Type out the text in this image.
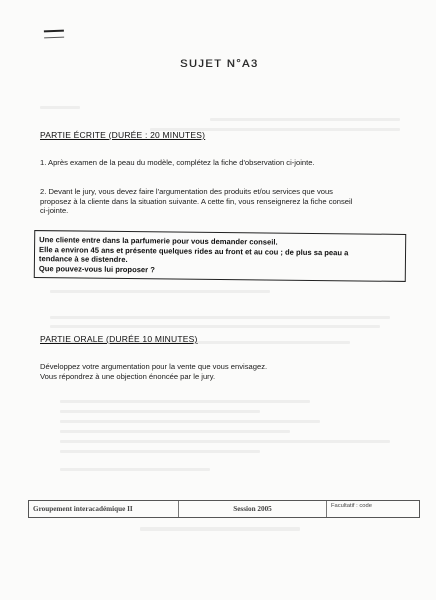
SUJET N°A3
PARTIE ÉCRITE (DURÉE : 20 MINUTES)
1. Après examen de la peau du modèle, complétez la fiche d'observation ci-jointe.
2. Devant le jury, vous devez faire l'argumentation des produits et/ou services que vous
proposez à la cliente dans la situation suivante. A cette fin, vous renseignerez la fiche conseil
ci-jointe.
Une cliente entre dans la parfumerie pour vous demander conseil.
Elle a environ 45 ans et présente quelques rides au front et au cou ; de plus sa peau a
tendance à se distendre.
Que pouvez-vous lui proposer ?
PARTIE ORALE (DURÉE 10 MINUTES)
Développez votre argumentation pour la vente que vous envisagez.
Vous répondrez à une objection énoncée par le jury.
Groupement interacadémique II	Session 2005	Facultatif : code
